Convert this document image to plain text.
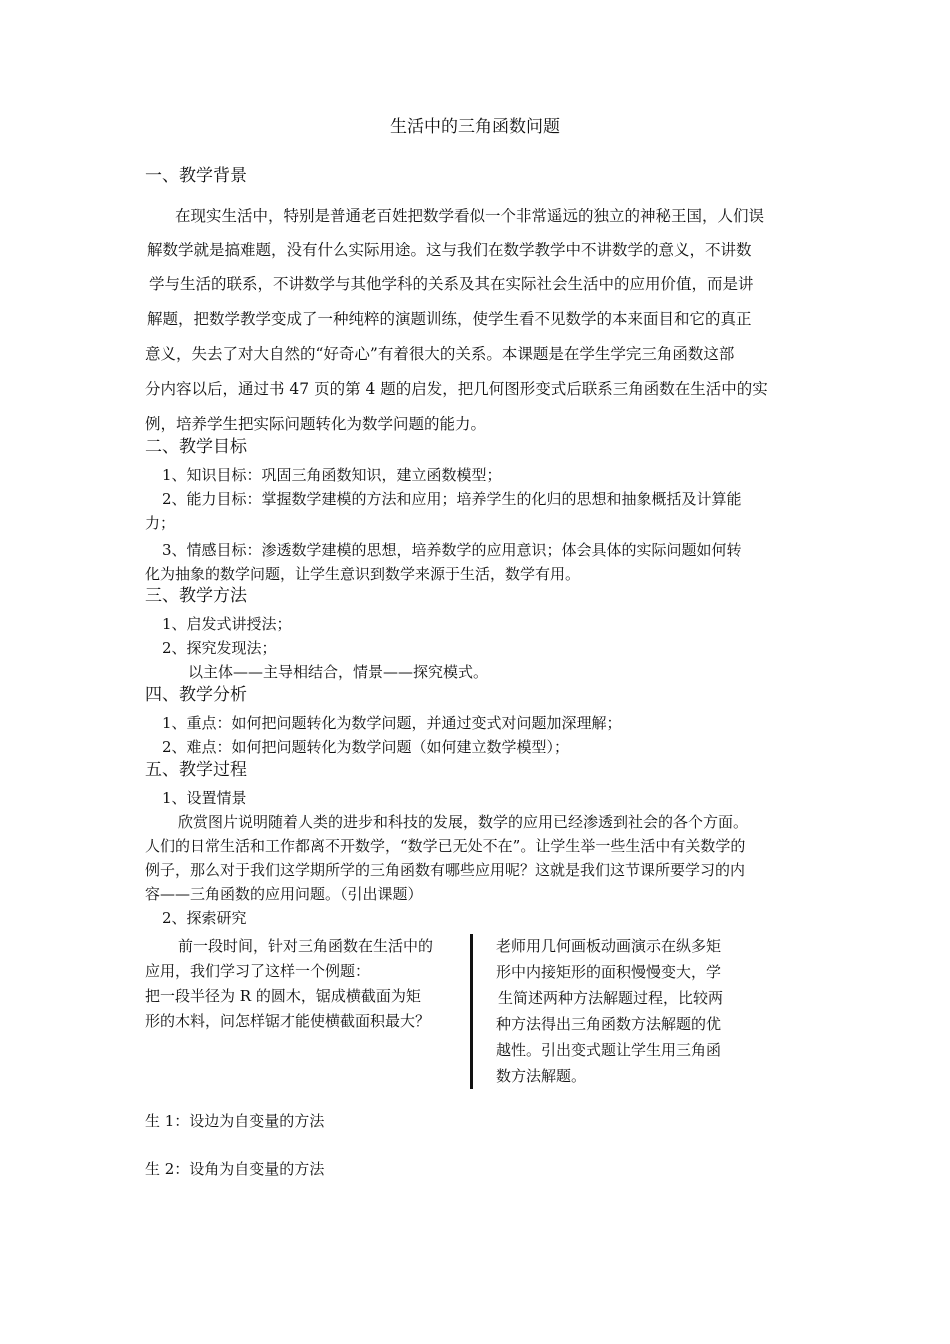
生活中的三角函数问题
一、教学背景
在现实生活中，特别是普通老百姓把数学看似一个非常遥远的独立的神秘王国，人们误
解数学就是搞难题，没有什么实际用途。这与我们在数学教学中不讲数学的意义，不讲数
学与生活的联系，不讲数学与其他学科的关系及其在实际社会生活中的应用价值，而是讲
解题，把数学教学变成了一种纯粹的演题训练，使学生看不见数学的本来面目和它的真正
意义，失去了对大自然的“好奇心”有着很大的关系。本课题是在学生学完三角函数这部
分内容以后，通过书 47 页的第 4 题的启发，把几何图形变式后联系三角函数在生活中的实
例，培养学生把实际问题转化为数学问题的能力。
二、教学目标
1、知识目标：巩固三角函数知识，建立函数模型；
2、能力目标：掌握数学建模的方法和应用；培养学生的化归的思想和抽象概括及计算能
力；
3、情感目标：渗透数学建模的思想，培养数学的应用意识；体会具体的实际问题如何转
化为抽象的数学问题，让学生意识到数学来源于生活，数学有用。
三、教学方法
1、启发式讲授法；
2、探究发现法；
以主体——主导相结合，情景——探究模式。
四、教学分析
1、重点：如何把问题转化为数学问题，并通过变式对问题加深理解；
2、难点：如何把问题转化为数学问题（如何建立数学模型）；
五、教学过程
1、设置情景
欣赏图片说明随着人类的进步和科技的发展，数学的应用已经渗透到社会的各个方面。
人们的日常生活和工作都离不开数学，“数学已无处不在”。让学生举一些生活中有关数学的
例子，那么对于我们这学期所学的三角函数有哪些应用呢？这就是我们这节课所要学习的内
容——三角函数的应用问题。（引出课题）
2、探索研究
前一段时间，针对三角函数在生活中的
应用，我们学习了这样一个例题：
把一段半径为 R 的圆木，锯成横截面为矩
形的木料，问怎样锯才能使横截面积最大？
老师用几何画板动画演示在纵多矩
形中内接矩形的面积慢慢变大，学
生简述两种方法解题过程，比较两
种方法得出三角函数方法解题的优
越性。引出变式题让学生用三角函
数方法解题。
生 1：设边为自变量的方法
生 2：设角为自变量的方法
